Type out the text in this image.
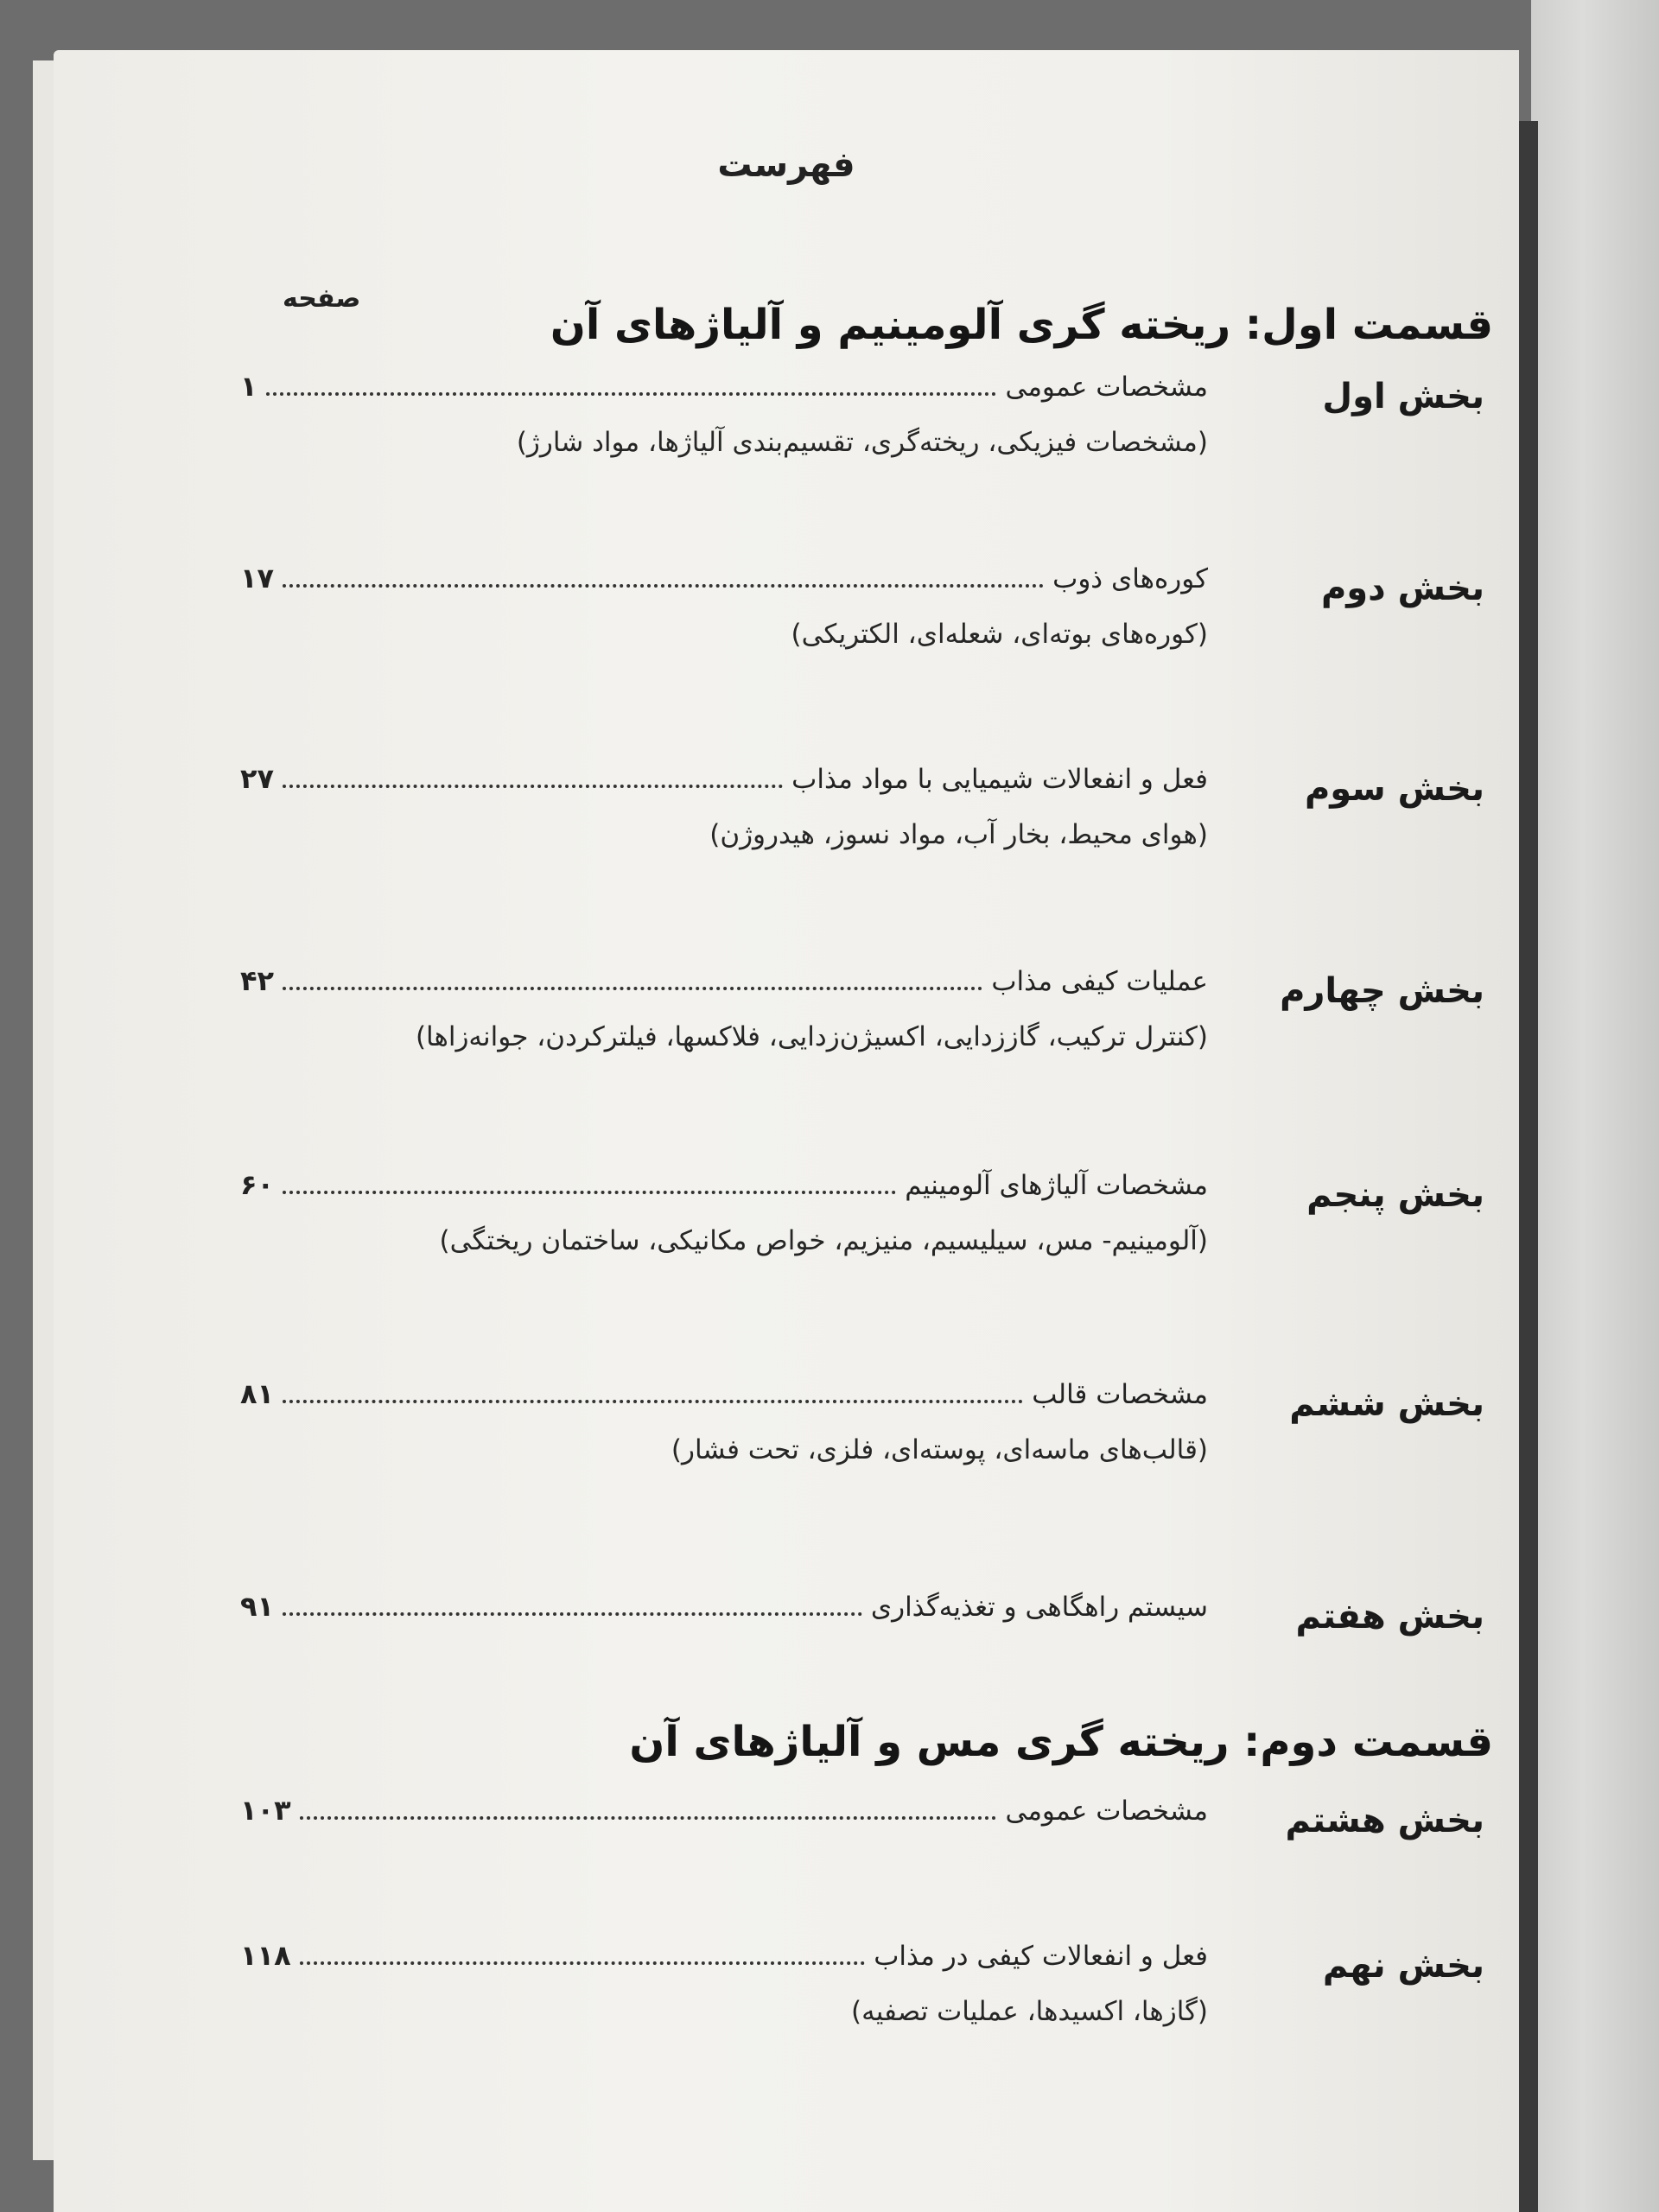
فهرست
قسمت اول: ریخته گری آلومینیم و آلیاژهای آن
صفحه
بخش اول
مشخصات عمومی
۱
(مشخصات فیزیکی، ریخته‌گری، تقسیم‌بندی آلیاژها، مواد شارژ)
بخش دوم
کوره‌های ذوب
۱۷
(کوره‌های بوته‌ای، شعله‌ای، الکتریکی)
بخش سوم
فعل و انفعالات شیمیایی با مواد مذاب
۲۷
(هوای محیط، بخار آب، مواد نسوز، هیدروژن)
بخش چهارم
عملیات کیفی مذاب
۴۲
(کنترل ترکیب، گاززدایی، اکسیژن‌زدایی، فلاکسها، فیلترکردن، جوانه‌زاها)
بخش پنجم
مشخصات آلیاژهای آلومینیم
۶۰
(آلومینیم- مس، سیلیسیم، منیزیم، خواص مکانیکی، ساختمان ریختگی)
بخش ششم
مشخصات قالب
۸۱
(قالب‌های ماسه‌ای، پوسته‌ای، فلزی، تحت فشار)
بخش هفتم
سیستم راهگاهی و تغذیه‌گذاری
۹۱
قسمت دوم: ریخته گری مس و آلیاژهای آن
بخش هشتم
مشخصات عمومی
۱۰۳
بخش نهم
فعل و انفعالات کیفی در مذاب
۱۱۸
(گازها، اکسیدها، عملیات تصفیه)
